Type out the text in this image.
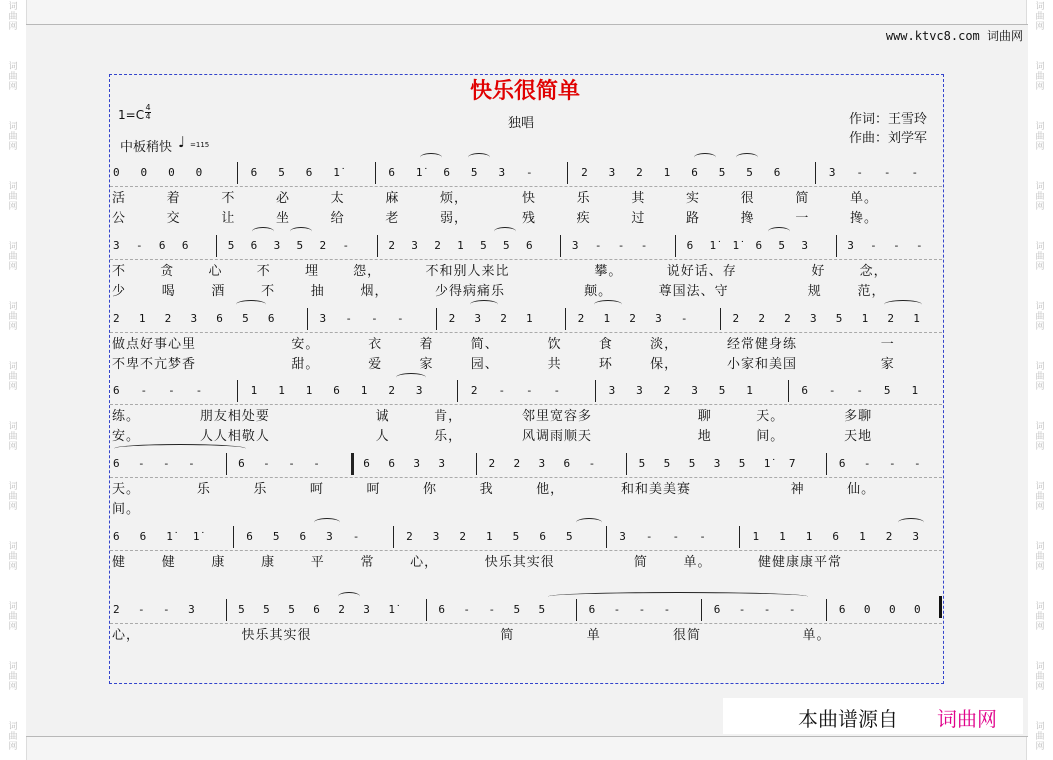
词
曲
网
词
曲
网
词
曲
网
词
曲
网
词
曲
网
词
曲
网
词
曲
网
词
曲
网
词
曲
网
词
曲
网
词
曲
网
词
曲
网
词
曲
网
词
曲
网
词
曲
网
词
曲
网
词
曲
网
词
曲
网
词
曲
网
词
曲
网
词
曲
网
词
曲
网
词
曲
网
词
曲
网
词
曲
网
词
曲
网
www.ktvc8.com 词曲网
快乐很简单
1=C
4
4	独唱	作词：王雪玲
作曲：刘学军
中板稍快 ♩ =115
0 0 0 0	6 5 6 1̇	6 1̇ 6 5 3 -	2 3 2 1 6 5 5 6	3 - - -
活	着	不	必	太	麻	烦，	快	乐	其	实	很	简	单。
公	交	让	坐	给	老	弱，	残	疾	过	路	搀	一	搀。
3 - 6 6	5 6 3 5 2 -	2 3 2 1 5 5 6	3 - - -	6 1̇ 1̇ 6 5 3	3 - - -
不	贪	心	不	埋	怨，	不和别人来比	攀。	说好话、存	好	念，
少	喝	酒	不	抽	烟，	少得病痛乐	颠。	尊国法、守	规	范，
2 1 2 3 6 5 6	3 - - -	2 3 2 1	2 1 2 3 -	2 2 2 3 5 1 2 1
做点好事心里	安。	衣	着	简、	饮	食	淡，	经常健身练	一
不卑不亢梦香	甜。	爱	家	园、	共	环	保，	小家和美国	家
6 - - -	1 1 1 6 1 2 3	2 - - -	3 3 2 3 5 1	6 - - 5 1
练。	朋友相处要	诚	肯，	邻里宽容多	聊	天。	多聊
安。	人人相敬人	人	乐，	风调雨顺天	地	间。	天地
6 - - -	6 - - -	6 6 3 3	2 2 3 6 -	5 5 5 3 5 1̇ 7	6 - - -
天。	乐	乐	呵	呵	你	我	他，	和和美美赛	神	仙。
间。
6 6 1̇ 1̇	6 5 6 3 -	2 3 2 1 5 6 5	3 - - -	1 1 1 6 1 2 3
健	健	康	康	平	常	心，	快乐其实很	简	单。	健健康康平常
2 - - 3	5 5 5 6 2 3 1̇	6 - - 5 5	6 - - -	6 - - -	6 0 0 0
心，	快乐其实很	简	单	很简	单。
本曲谱源自 词曲网
